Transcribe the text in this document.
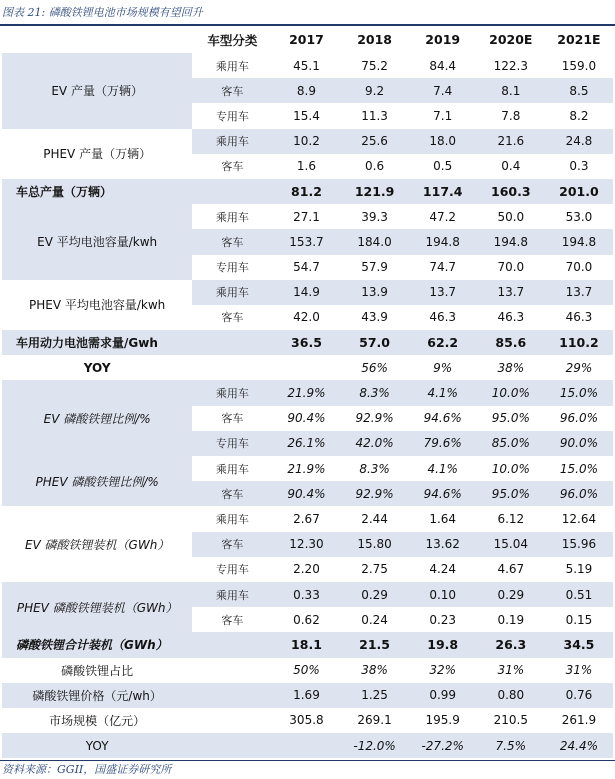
图表 21: 磷酸铁锂电池市场规模有望回升
	车型分类	2017	2018	2019	2020E	2021E
EV 产量（万辆）	乘用车	45.1	75.2	84.4	122.3	159.0
	客车	8.9	9.2	7.4	8.1	8.5
	专用车	15.4	11.3	7.1	7.8	8.2
PHEV 产量（万辆）	乘用车	10.2	25.6	18.0	21.6	24.8
	客车	1.6	0.6	0.5	0.4	0.3
车总产量（万辆）		81.2	121.9	117.4	160.3	201.0
EV 平均电池容量/kwh	乘用车	27.1	39.3	47.2	50.0	53.0
	客车	153.7	184.0	194.8	194.8	194.8
	专用车	54.7	57.9	74.7	70.0	70.0
PHEV 平均电池容量/kwh	乘用车	14.9	13.9	13.7	13.7	13.7
	客车	42.0	43.9	46.3	46.3	46.3
车用动力电池需求量/Gwh		36.5	57.0	62.2	85.6	110.2
YOY			56%	9%	38%	29%
EV 磷酸铁锂比例/%	乘用车	21.9%	8.3%	4.1%	10.0%	15.0%
	客车	90.4%	92.9%	94.6%	95.0%	96.0%
	专用车	26.1%	42.0%	79.6%	85.0%	90.0%
PHEV 磷酸铁锂比例/%	乘用车	21.9%	8.3%	4.1%	10.0%	15.0%
	客车	90.4%	92.9%	94.6%	95.0%	96.0%
EV 磷酸铁锂装机（GWh）	乘用车	2.67	2.44	1.64	6.12	12.64
	客车	12.30	15.80	13.62	15.04	15.96
	专用车	2.20	2.75	4.24	4.67	5.19
PHEV 磷酸铁锂装机（GWh）	乘用车	0.33	0.29	0.10	0.29	0.51
	客车	0.62	0.24	0.23	0.19	0.15
磷酸铁锂合计装机（GWh）		18.1	21.5	19.8	26.3	34.5
磷酸铁锂占比		50%	38%	32%	31%	31%
磷酸铁锂价格（元/wh）		1.69	1.25	0.99	0.80	0.76
市场规模（亿元）		305.8	269.1	195.9	210.5	261.9
YOY			-12.0%	-27.2%	7.5%	24.4%
资料来源：GGII，国盛证券研究所
